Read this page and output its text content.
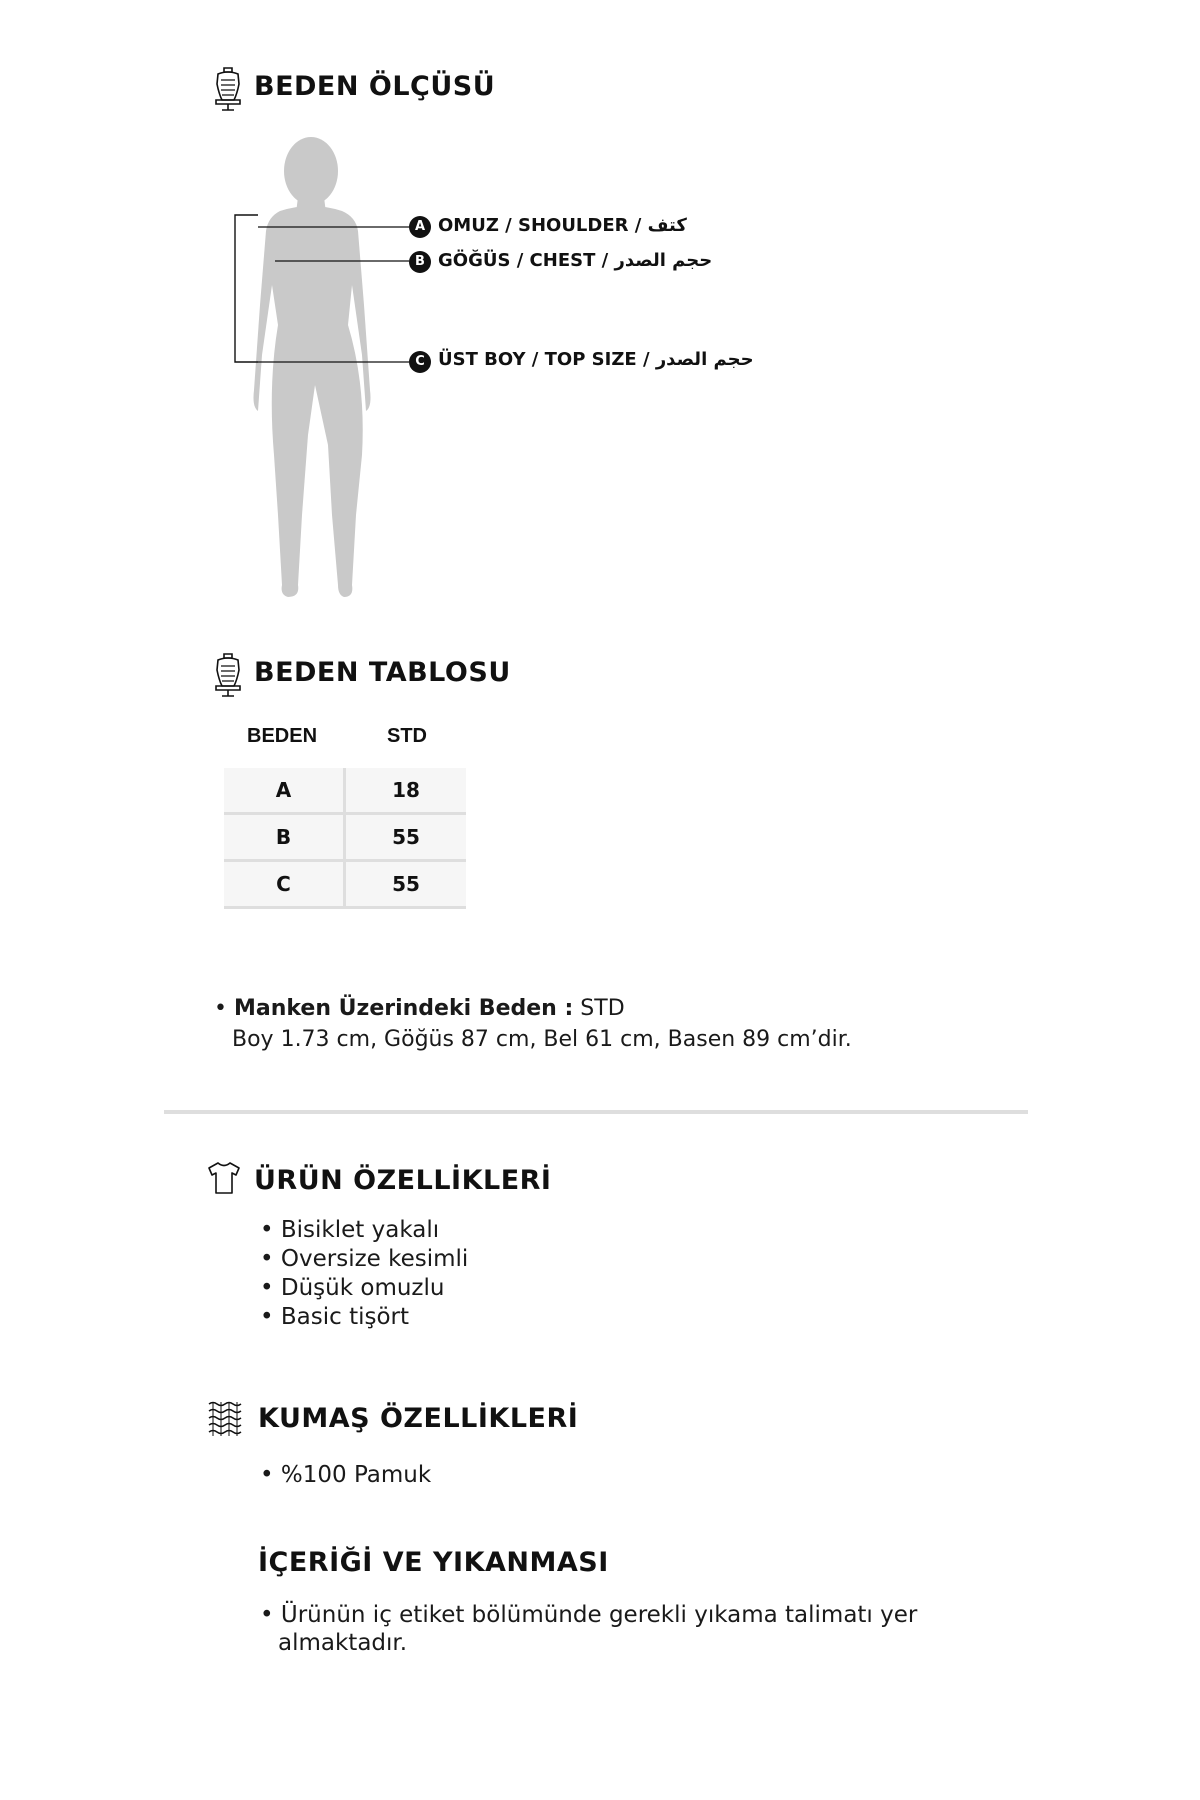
BEDEN ÖLÇÜSÜ
A OMUZ / SHOULDER / كتف
B GÖĞÜS / CHEST / حجم الصدر
C ÜST BOY / TOP SIZE / حجم الصدر
BEDEN TABLOSU
BEDEN	STD
A	18
B	55
C	55
• Manken Üzerindeki Beden : STD
Boy 1.73 cm, Göğüs 87 cm, Bel 61 cm, Basen 89 cm’dir.
ÜRÜN ÖZELLİKLERİ
• Bisiklet yakalı
• Oversize kesimli
• Düşük omuzlu
• Basic tişört
KUMAŞ ÖZELLİKLERİ
• %100 Pamuk
İÇERİĞİ VE YIKANMASI
• Ürünün iç etiket bölümünde gerekli yıkama talimatı yer
almaktadır.
